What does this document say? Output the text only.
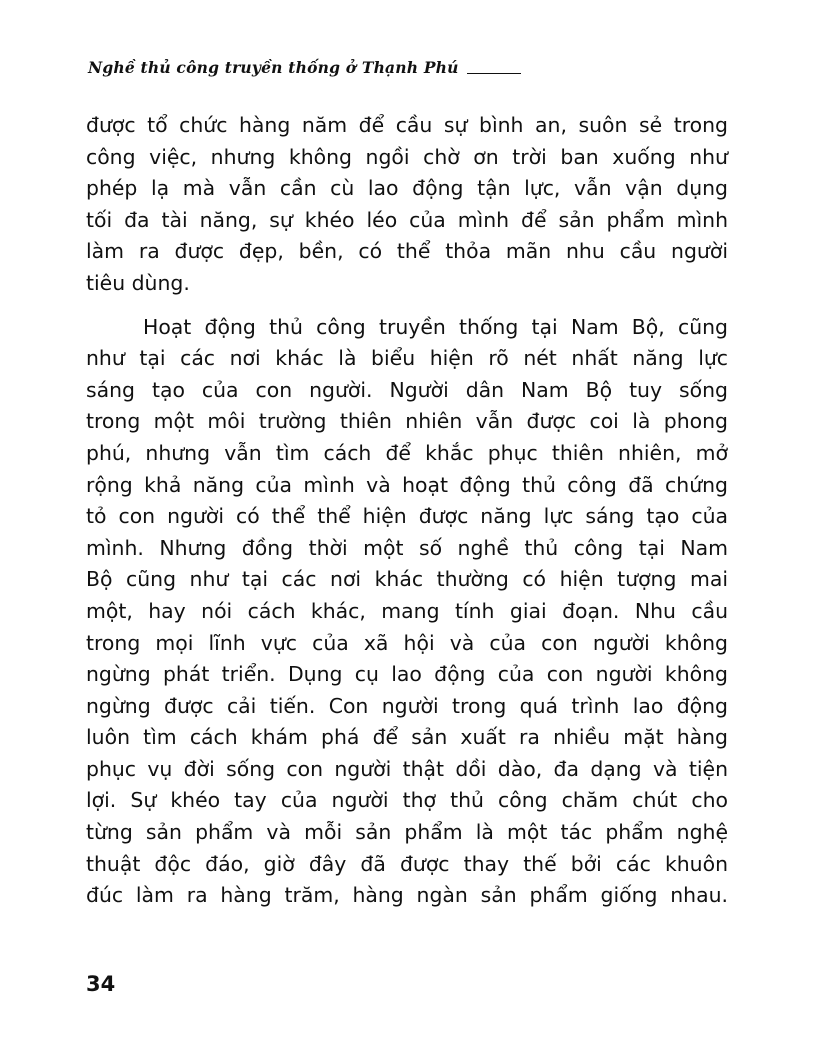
Nghề thủ công truyền thống ở Thạnh Phú

được tổ chức hàng năm để cầu sự bình an, suôn sẻ trong
công việc, nhưng không ngồi chờ ơn trời ban xuống như
phép lạ mà vẫn cần cù lao động tận lực, vẫn vận dụng
tối đa tài năng, sự khéo léo của mình để sản phẩm mình
làm ra được đẹp, bền, có thể thỏa mãn nhu cầu người
tiêu dùng.

Hoạt động thủ công truyền thống tại Nam Bộ, cũng
như tại các nơi khác là biểu hiện rõ nét nhất năng lực
sáng tạo của con người. Người dân Nam Bộ tuy sống
trong một môi trường thiên nhiên vẫn được coi là phong
phú, nhưng vẫn tìm cách để khắc phục thiên nhiên, mở
rộng khả năng của mình và hoạt động thủ công đã chứng
tỏ con người có thể thể hiện được năng lực sáng tạo của
mình. Nhưng đồng thời một số nghề thủ công tại Nam
Bộ cũng như tại các nơi khác thường có hiện tượng mai
một, hay nói cách khác, mang tính giai đoạn. Nhu cầu
trong mọi lĩnh vực của xã hội và của con người không
ngừng phát triển. Dụng cụ lao động của con người không
ngừng được cải tiến. Con người trong quá trình lao động
luôn tìm cách khám phá để sản xuất ra nhiều mặt hàng
phục vụ đời sống con người thật dồi dào, đa dạng và tiện
lợi. Sự khéo tay của người thợ thủ công chăm chút cho
từng sản phẩm và mỗi sản phẩm là một tác phẩm nghệ
thuật độc đáo, giờ đây đã được thay thế bởi các khuôn
đúc làm ra hàng trăm, hàng ngàn sản phẩm giống nhau.

34
